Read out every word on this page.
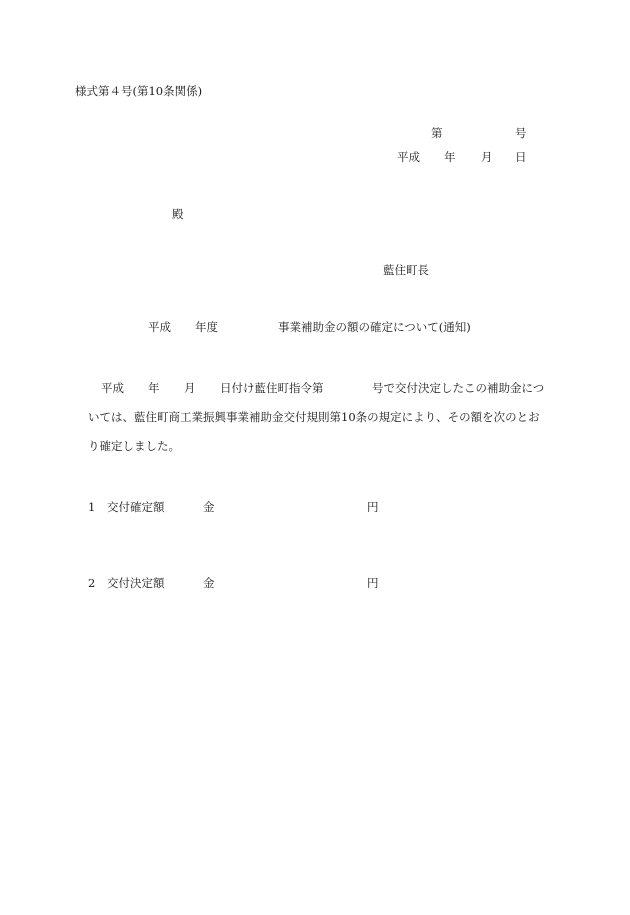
様式第４号(第10条関係)
第	号
平成 年 月 日
殿
藍住町長
平成 年度	事業補助金の額の確定について(通知)
平成 年 月 日付け藍住町指令第	号で交付決定したこの補助金につ
いては、藍住町商工業振興事業補助金交付規則第10条の規定により、その額を次のとお
り確定しました。
1 交付確定額	金	円
2 交付決定額	金	円
